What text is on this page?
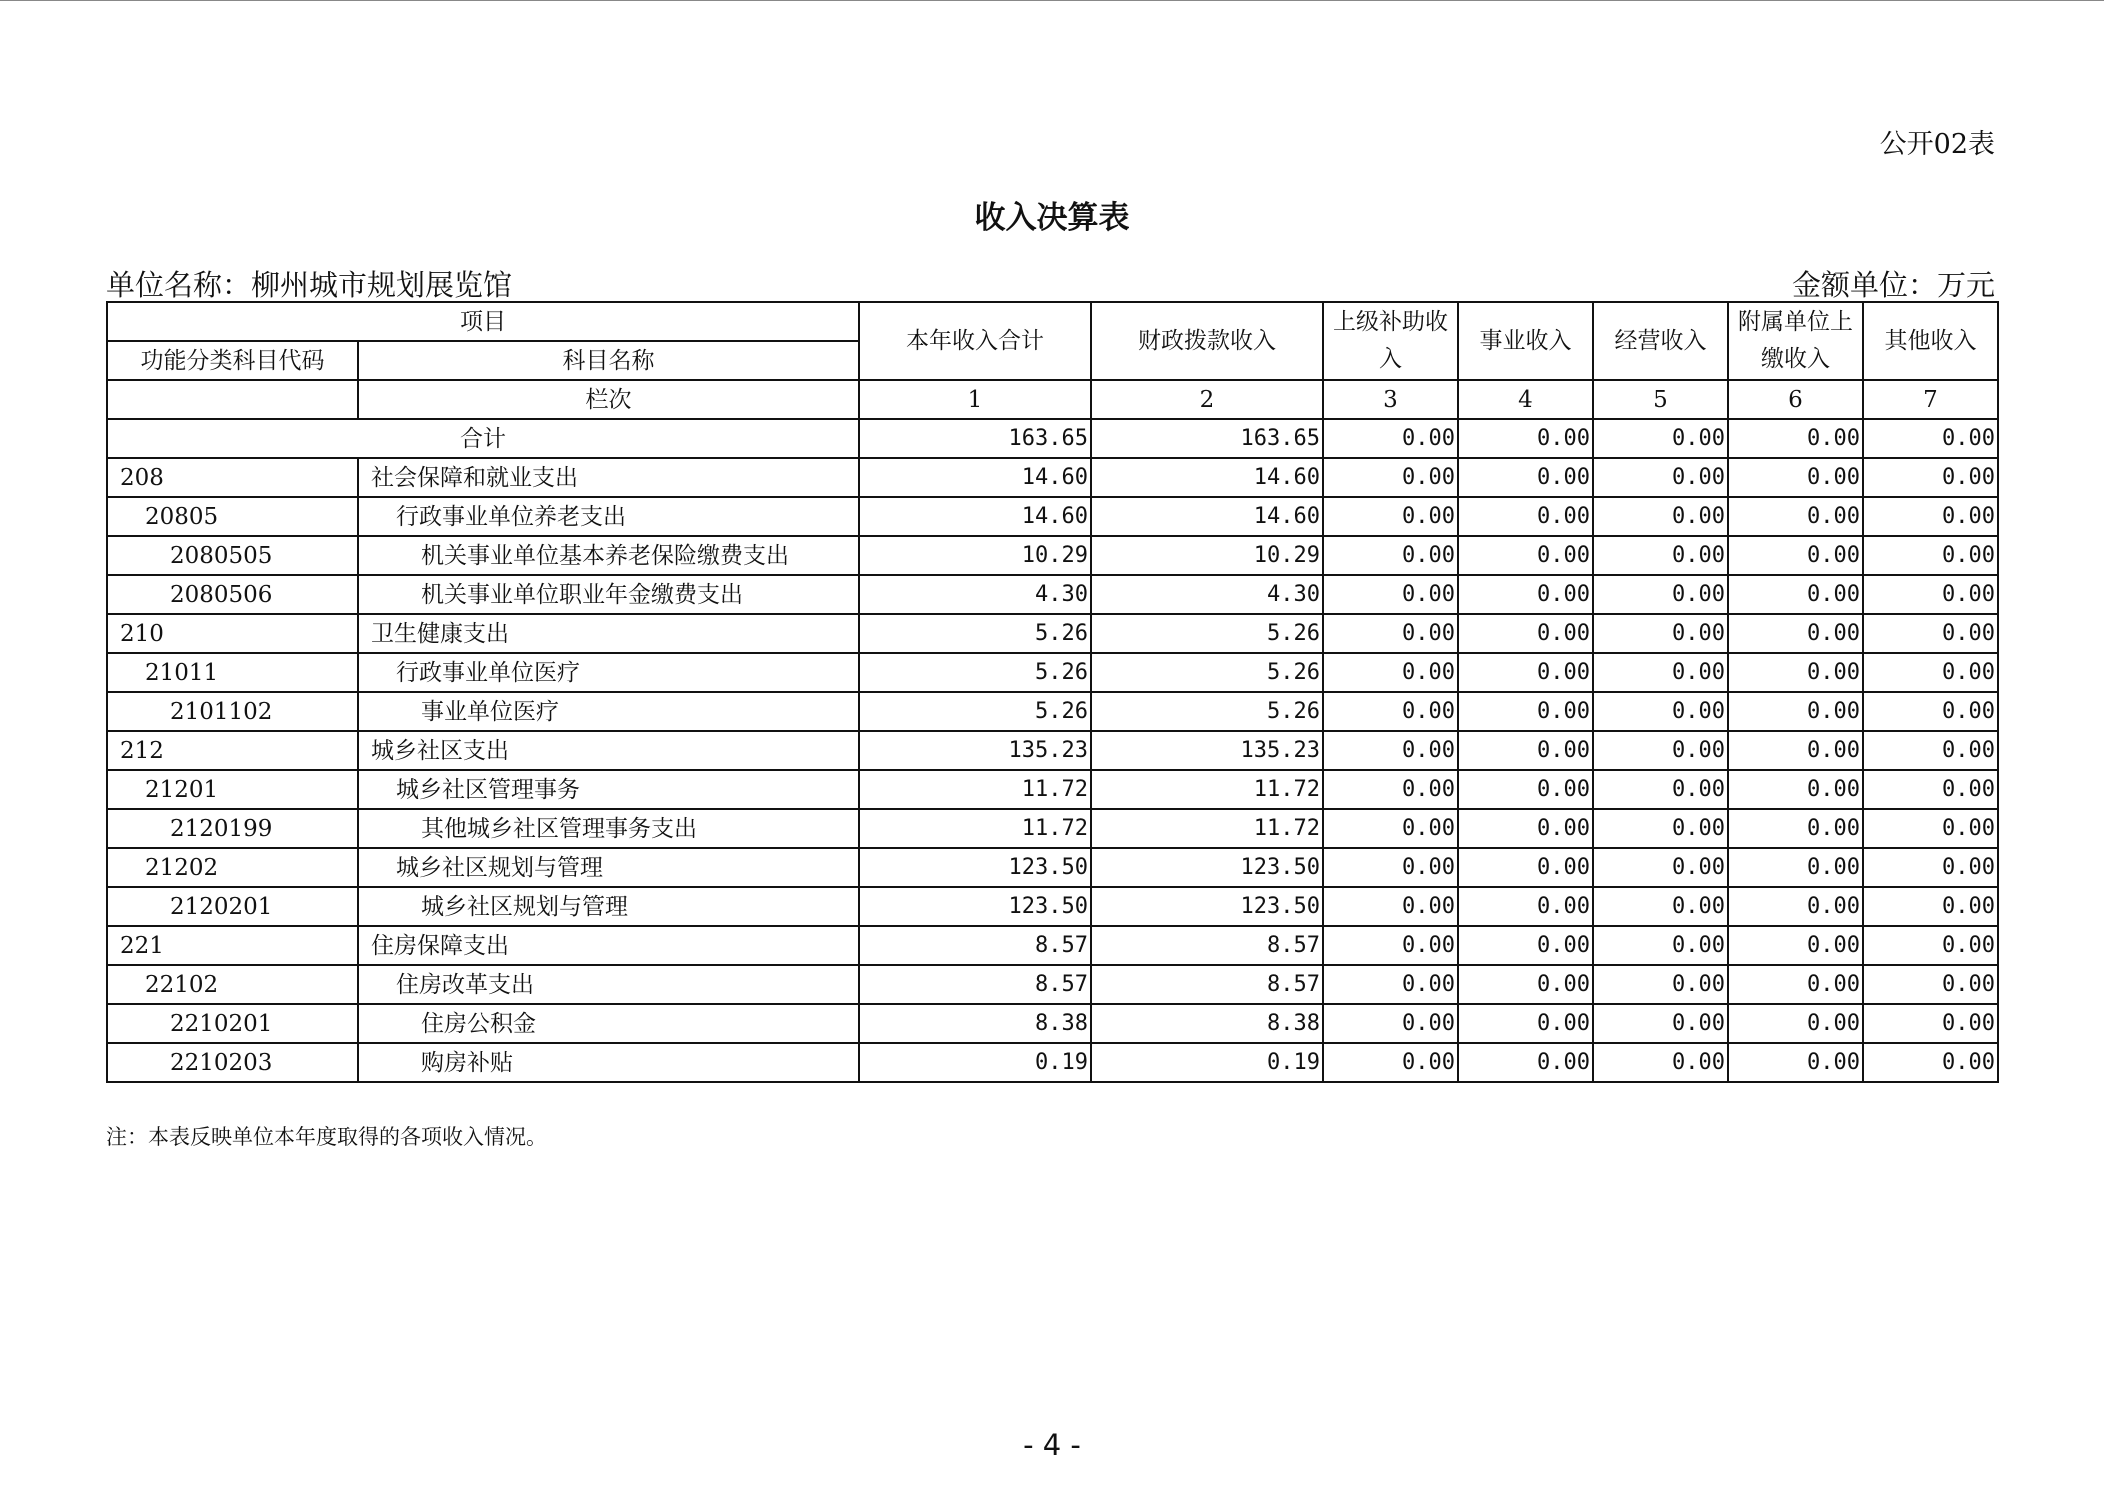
公开02表
收入决算表
单位名称：柳州城市规划展览馆	金额单位：万元
项目		本年收入合计	财政拨款收入	上级补助收入	事业收入	经营收入	附属单位上缴收入	其他收入
功能分类科目代码	科目名称							
	栏次	1	2	3	4	5	6	7
合计		163.65	163.65	0.00	0.00	0.00	0.00	0.00
208	社会保障和就业支出	14.60	14.60	0.00	0.00	0.00	0.00	0.00
20805	行政事业单位养老支出	14.60	14.60	0.00	0.00	0.00	0.00	0.00
2080505	机关事业单位基本养老保险缴费支出	10.29	10.29	0.00	0.00	0.00	0.00	0.00
2080506	机关事业单位职业年金缴费支出	4.30	4.30	0.00	0.00	0.00	0.00	0.00
210	卫生健康支出	5.26	5.26	0.00	0.00	0.00	0.00	0.00
21011	行政事业单位医疗	5.26	5.26	0.00	0.00	0.00	0.00	0.00
2101102	事业单位医疗	5.26	5.26	0.00	0.00	0.00	0.00	0.00
212	城乡社区支出	135.23	135.23	0.00	0.00	0.00	0.00	0.00
21201	城乡社区管理事务	11.72	11.72	0.00	0.00	0.00	0.00	0.00
2120199	其他城乡社区管理事务支出	11.72	11.72	0.00	0.00	0.00	0.00	0.00
21202	城乡社区规划与管理	123.50	123.50	0.00	0.00	0.00	0.00	0.00
2120201	城乡社区规划与管理	123.50	123.50	0.00	0.00	0.00	0.00	0.00
221	住房保障支出	8.57	8.57	0.00	0.00	0.00	0.00	0.00
22102	住房改革支出	8.57	8.57	0.00	0.00	0.00	0.00	0.00
2210201	住房公积金	8.38	8.38	0.00	0.00	0.00	0.00	0.00
2210203	购房补贴	0.19	0.19	0.00	0.00	0.00	0.00	0.00
注：本表反映单位本年度取得的各项收入情况。
- 4 -
